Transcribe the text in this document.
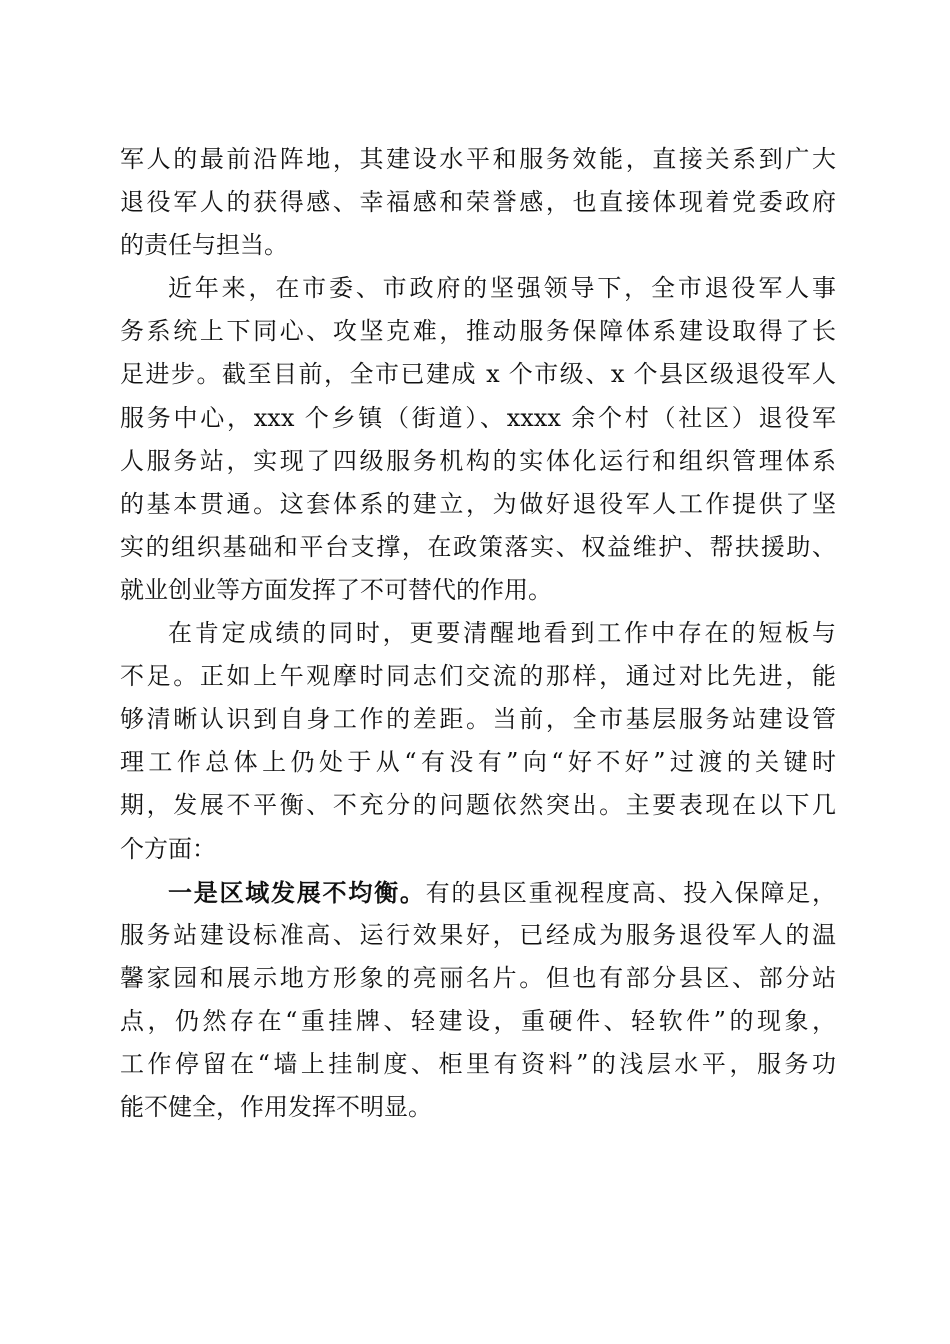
军人的最前沿阵地，其建设水平和服务效能，直接关系到广大
退役军人的获得感、幸福感和荣誉感，也直接体现着党委政府
的责任与担当。
近年来，在市委、市政府的坚强领导下，全市退役军人事
务系统上下同心、攻坚克难，推动服务保障体系建设取得了长
足进步。截至目前，全市已建成 x 个市级、x 个县区级退役军人
服务中心，xxx 个乡镇（街道）、xxxx 余个村（社区）退役军
人服务站，实现了四级服务机构的实体化运行和组织管理体系
的基本贯通。这套体系的建立，为做好退役军人工作提供了坚
实的组织基础和平台支撑，在政策落实、权益维护、帮扶援助、
就业创业等方面发挥了不可替代的作用。
在肯定成绩的同时，更要清醒地看到工作中存在的短板与
不足。正如上午观摩时同志们交流的那样，通过对比先进，能
够清晰认识到自身工作的差距。当前，全市基层服务站建设管
理工作总体上仍处于从“有没有”向“好不好”过渡的关键时
期，发展不平衡、不充分的问题依然突出。主要表现在以下几
个方面：
一是区域发展不均衡。有的县区重视程度高、投入保障足，
服务站建设标准高、运行效果好，已经成为服务退役军人的温
馨家园和展示地方形象的亮丽名片。但也有部分县区、部分站
点，仍然存在“重挂牌、轻建设，重硬件、轻软件”的现象，
工作停留在“墙上挂制度、柜里有资料”的浅层水平，服务功
能不健全，作用发挥不明显。
